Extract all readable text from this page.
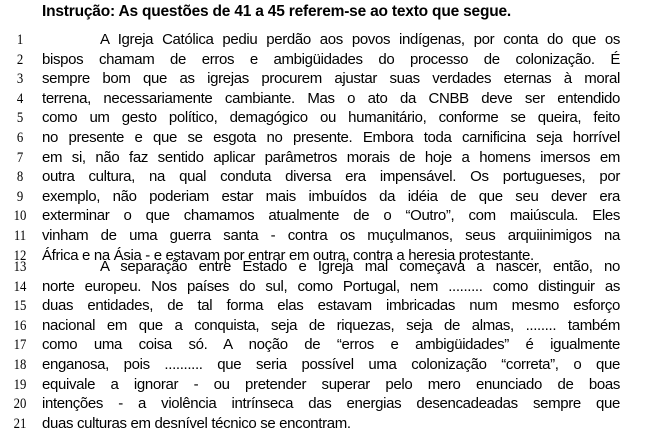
Instrução: As questões de 41 a 45 referem-se ao texto que segue.
1	A Igreja Católica pediu perdão aos povos indígenas, por conta do que os
2	bispos chamam de erros e ambigüidades do processo de colonização. É
3	sempre bom que as igrejas procurem ajustar suas verdades eternas à moral
4	terrena, necessariamente cambiante. Mas o ato da CNBB deve ser entendido
5	como um gesto político, demagógico ou humanitário, conforme se queira, feito
6	no presente e que se esgota no presente. Embora toda carnificina seja horrível
7	em si, não faz sentido aplicar parâmetros morais de hoje a homens imersos em
8	outra cultura, na qual conduta diversa era impensável. Os portugueses, por
9	exemplo, não poderiam estar mais imbuídos da idéia de que seu dever era
10	exterminar o que chamamos atualmente de o “Outro”, com maiúscula. Eles
11	vinham de uma guerra santa - contra os muçulmanos, seus arquiinimigos na
12	África e na Ásia - e estavam por entrar em outra, contra a heresia protestante.
13	A separação entre Estado e Igreja mal começava a nascer, então, no
14	norte europeu. Nos países do sul, como Portugal, nem ......... como distinguir as
15	duas entidades, de tal forma elas estavam imbricadas num mesmo esforço
16	nacional em que a conquista, seja de riquezas, seja de almas, ........ também
17	como uma coisa só. A noção de “erros e ambigüidades” é igualmente
18	enganosa, pois .......... que seria possível uma colonização “correta”, o que
19	equivale a ignorar - ou pretender superar pelo mero enunciado de boas
20	intenções - a violência intrínseca das energias desencadeadas sempre que
21	duas culturas em desnível técnico se encontram.
